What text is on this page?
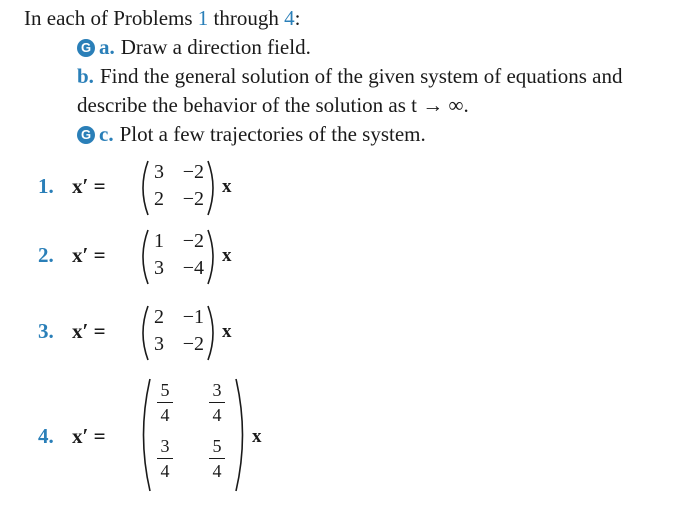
In each of Problems 1 through 4:
G a. Draw a direction field.
b. Find the general solution of the given system of equations and
describe the behavior of the solution as t → ∞.
G c. Plot a few trajectories of the system.
1. x′ =
3 −2
2 −2
x
2. x′ =
1 −2
3 −4
x
3. x′ =
2 −1
3 −2
x
4. x′ =
5
4
3
4
3
4
5
4
x
